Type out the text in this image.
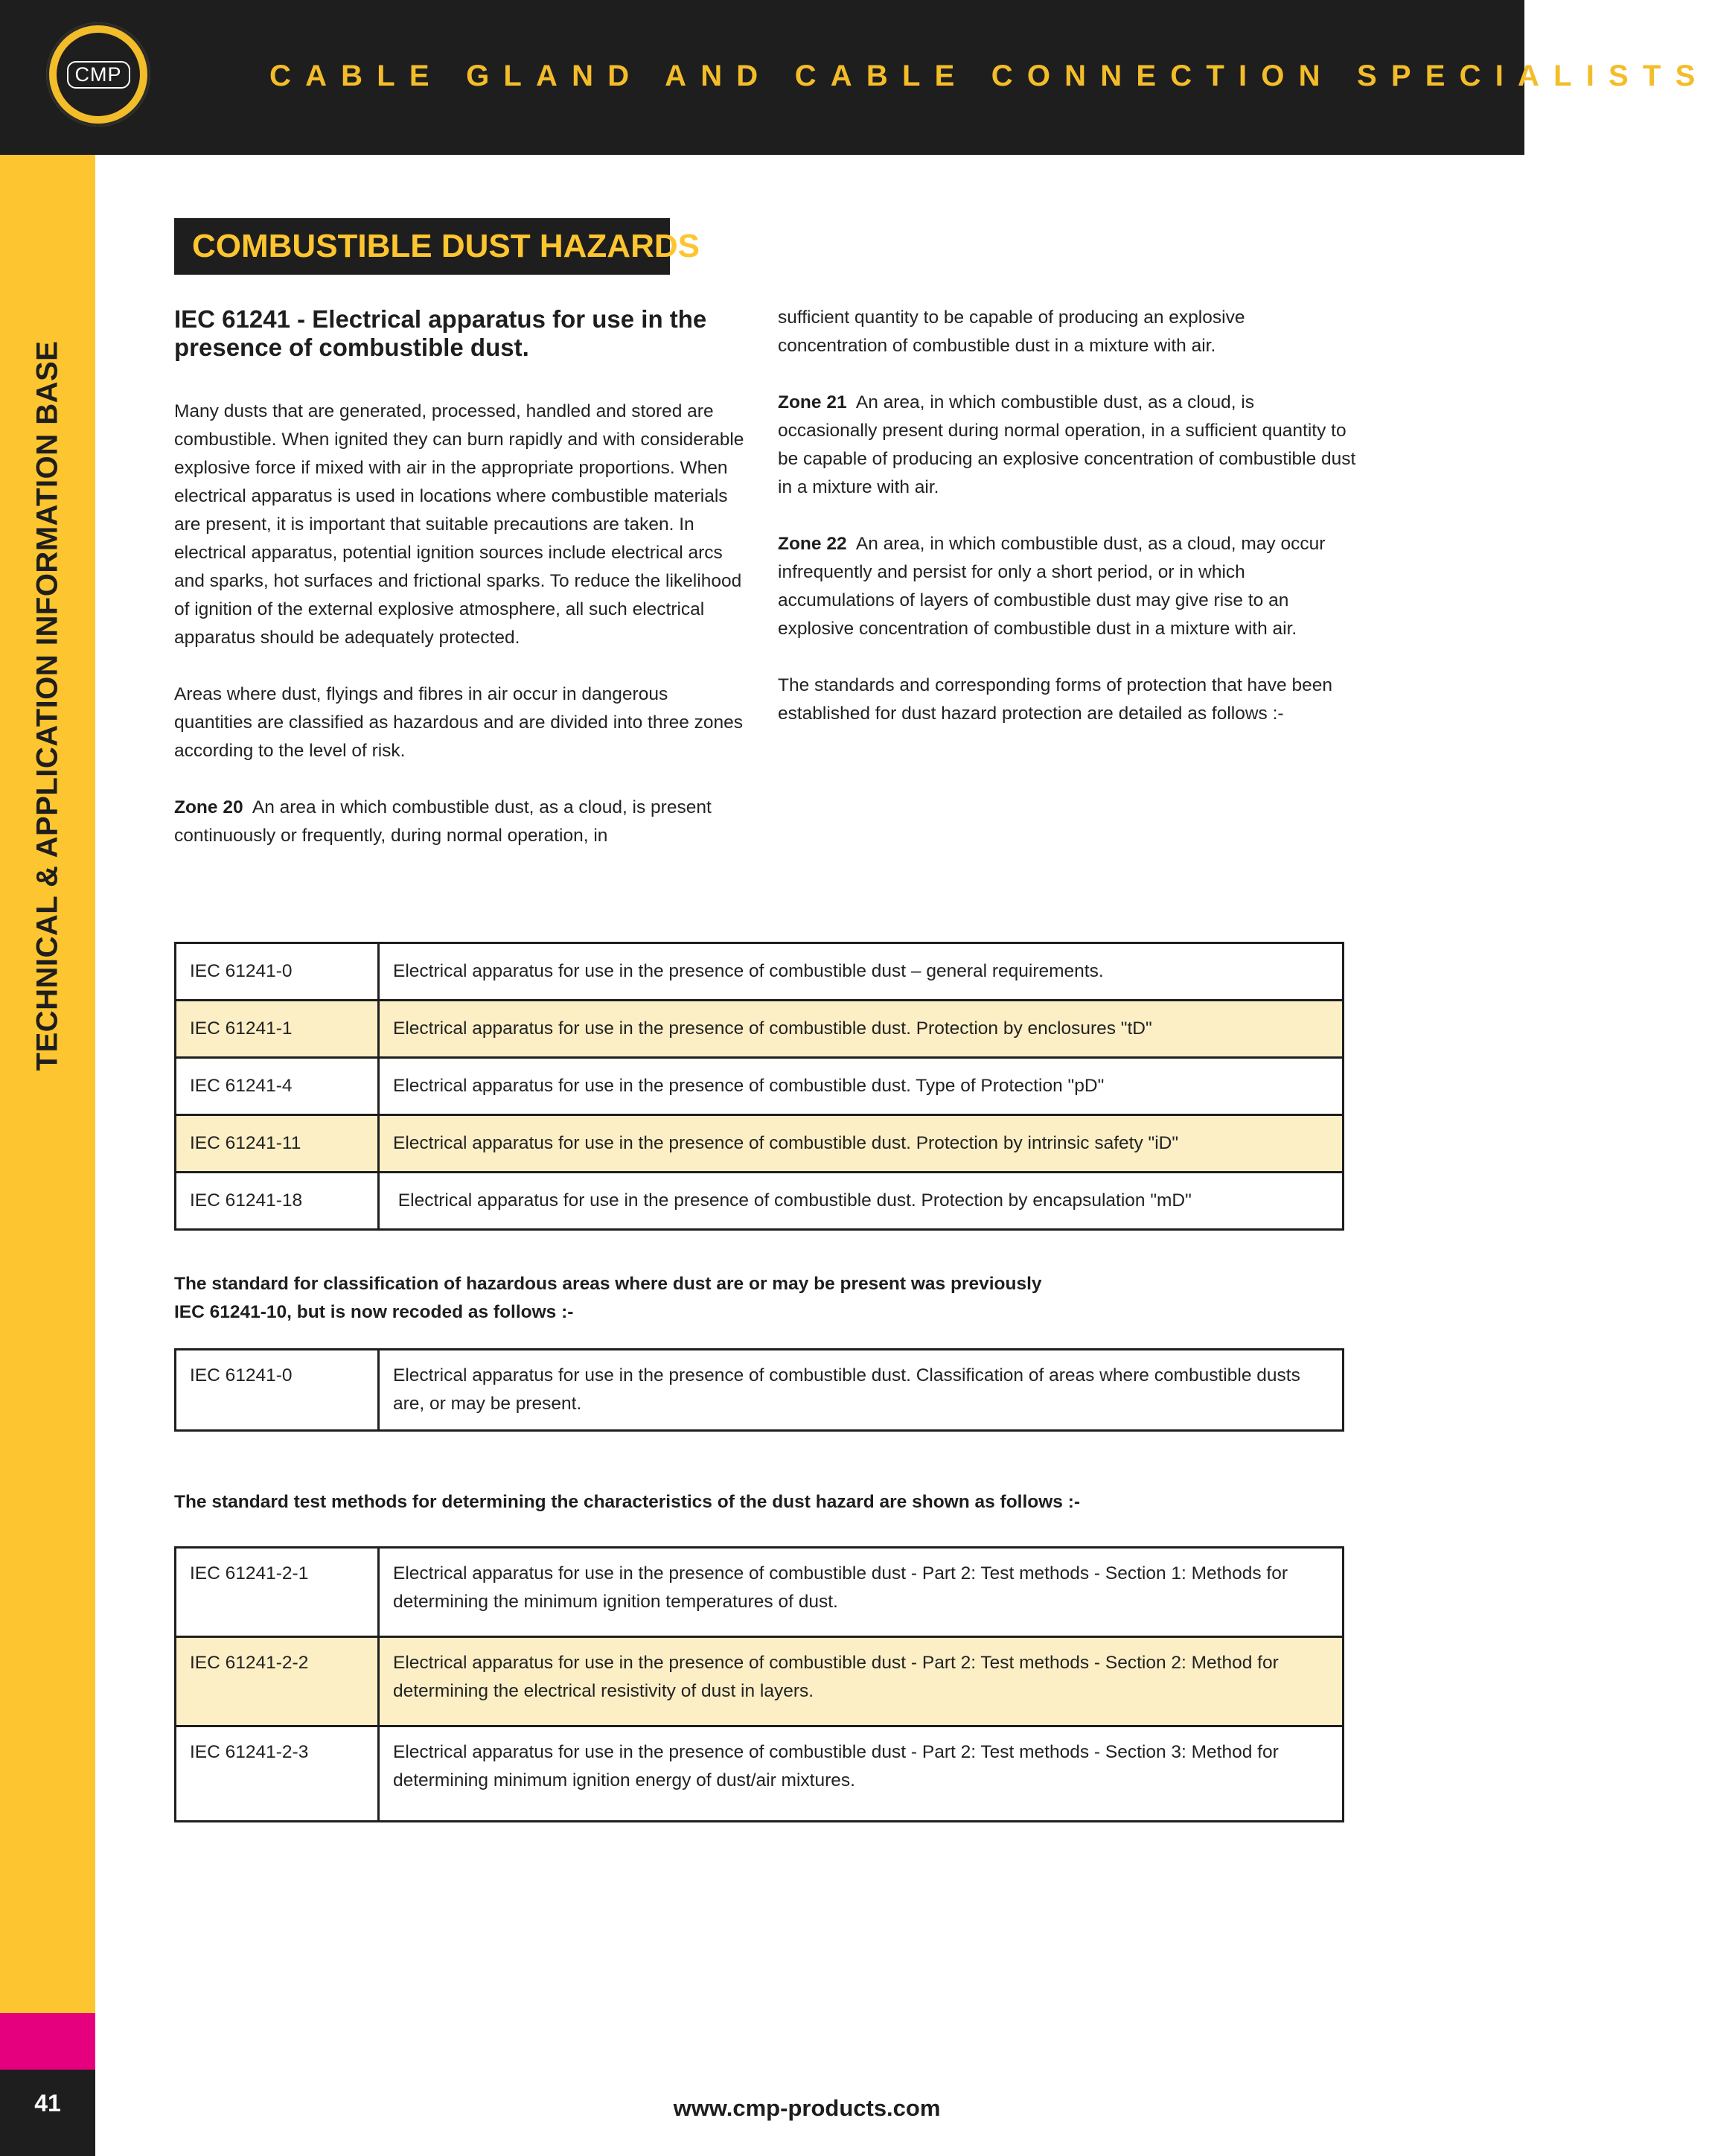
CMP	CABLE GLAND AND CABLE CONNECTION SPECIALISTS
TECHNICAL & APPLICATION INFORMATION BASE
41
COMBUSTIBLE DUST HAZARDS

IEC 61241 - Electrical apparatus for use in the presence of combustible dust.

Many dusts that are generated, processed, handled and stored are combustible. When ignited they can burn rapidly and with considerable explosive force if mixed with air in the appropriate proportions. When electrical apparatus is used in locations where combustible materials are present, it is important that suitable precautions are taken. In electrical apparatus, potential ignition sources include electrical arcs and sparks, hot surfaces and frictional sparks. To reduce the likelihood of ignition of the external explosive atmosphere, all such electrical apparatus should be adequately protected.

Areas where dust, flyings and fibres in air occur in dangerous quantities are classified as hazardous and are divided into three zones according to the level of risk.

Zone 20 An area in which combustible dust, as a cloud, is present continuously or frequently, during normal operation, in

sufficient quantity to be capable of producing an explosive concentration of combustible dust in a mixture with air.

Zone 21 An area, in which combustible dust, as a cloud, is occasionally present during normal operation, in a sufficient quantity to be capable of producing an explosive concentration of combustible dust in a mixture with air.

Zone 22 An area, in which combustible dust, as a cloud, may occur infrequently and persist for only a short period, or in which accumulations of layers of combustible dust may give rise to an explosive concentration of combustible dust in a mixture with air.

The standards and corresponding forms of protection that have been established for dust hazard protection are detailed as follows :-

IEC 61241-0	Electrical apparatus for use in the presence of combustible dust – general requirements.
IEC 61241-1	Electrical apparatus for use in the presence of combustible dust. Protection by enclosures "tD"
IEC 61241-4	Electrical apparatus for use in the presence of combustible dust. Type of Protection "pD"
IEC 61241-11	Electrical apparatus for use in the presence of combustible dust. Protection by intrinsic safety "iD"
IEC 61241-18	Electrical apparatus for use in the presence of combustible dust. Protection by encapsulation "mD"
The standard for classification of hazardous areas where dust are or may be present was previously
IEC 61241-10, but is now recoded as follows :-
IEC 61241-0	Electrical apparatus for use in the presence of combustible dust. Classification of areas where combustible dusts are, or may be present.
The standard test methods for determining the characteristics of the dust hazard are shown as follows :-
IEC 61241-2-1	Electrical apparatus for use in the presence of combustible dust - Part 2: Test methods - Section 1: Methods for determining the minimum ignition temperatures of dust.
IEC 61241-2-2	Electrical apparatus for use in the presence of combustible dust - Part 2: Test methods - Section 2: Method for determining the electrical resistivity of dust in layers.
IEC 61241-2-3	Electrical apparatus for use in the presence of combustible dust - Part 2: Test methods - Section 3: Method for determining minimum ignition energy of dust/air mixtures.
www.cmp-products.com
